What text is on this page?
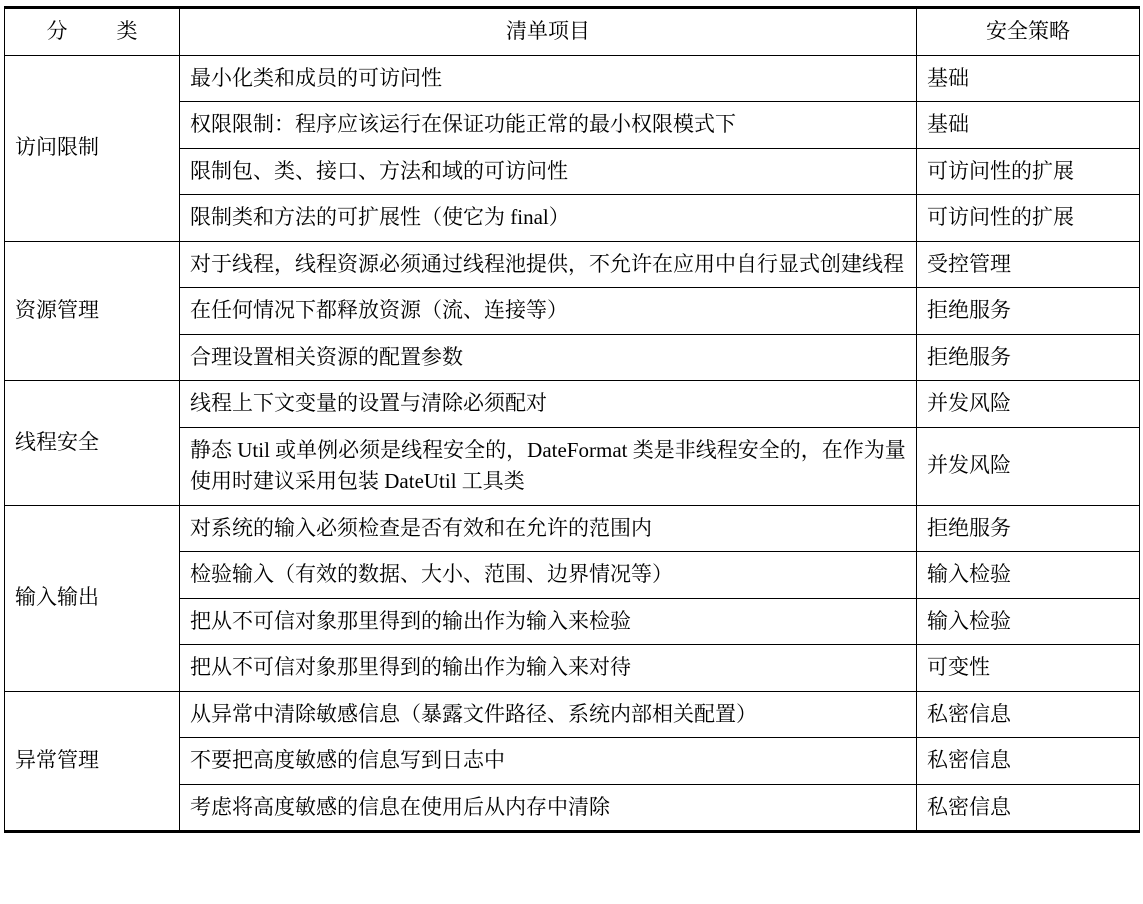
分　类	清单项目	安全策略
访问限制	最小化类和成员的可访问性	基础
	权限限制：程序应该运行在保证功能正常的最小权限模式下	基础
	限制包、类、接口、方法和域的可访问性	可访问性的扩展
	限制类和方法的可扩展性（使它为 final）	可访问性的扩展
资源管理	对于线程，线程资源必须通过线程池提供，不允许在应用中自行显式创建线程	受控管理
	在任何情况下都释放资源（流、连接等）	拒绝服务
	合理设置相关资源的配置参数	拒绝服务
线程安全	线程上下文变量的设置与清除必须配对	并发风险
	静态 Util 或单例必须是线程安全的，DateFormat 类是非线程安全的，在作为量使用时建议采用包装 DateUtil 工具类	并发风险
输入输出	对系统的输入必须检查是否有效和在允许的范围内	拒绝服务
	检验输入（有效的数据、大小、范围、边界情况等）	输入检验
	把从不可信对象那里得到的输出作为输入来检验	输入检验
	把从不可信对象那里得到的输出作为输入来对待	可变性
异常管理	从异常中清除敏感信息（暴露文件路径、系统内部相关配置）	私密信息
	不要把高度敏感的信息写到日志中	私密信息
	考虑将高度敏感的信息在使用后从内存中清除	私密信息
